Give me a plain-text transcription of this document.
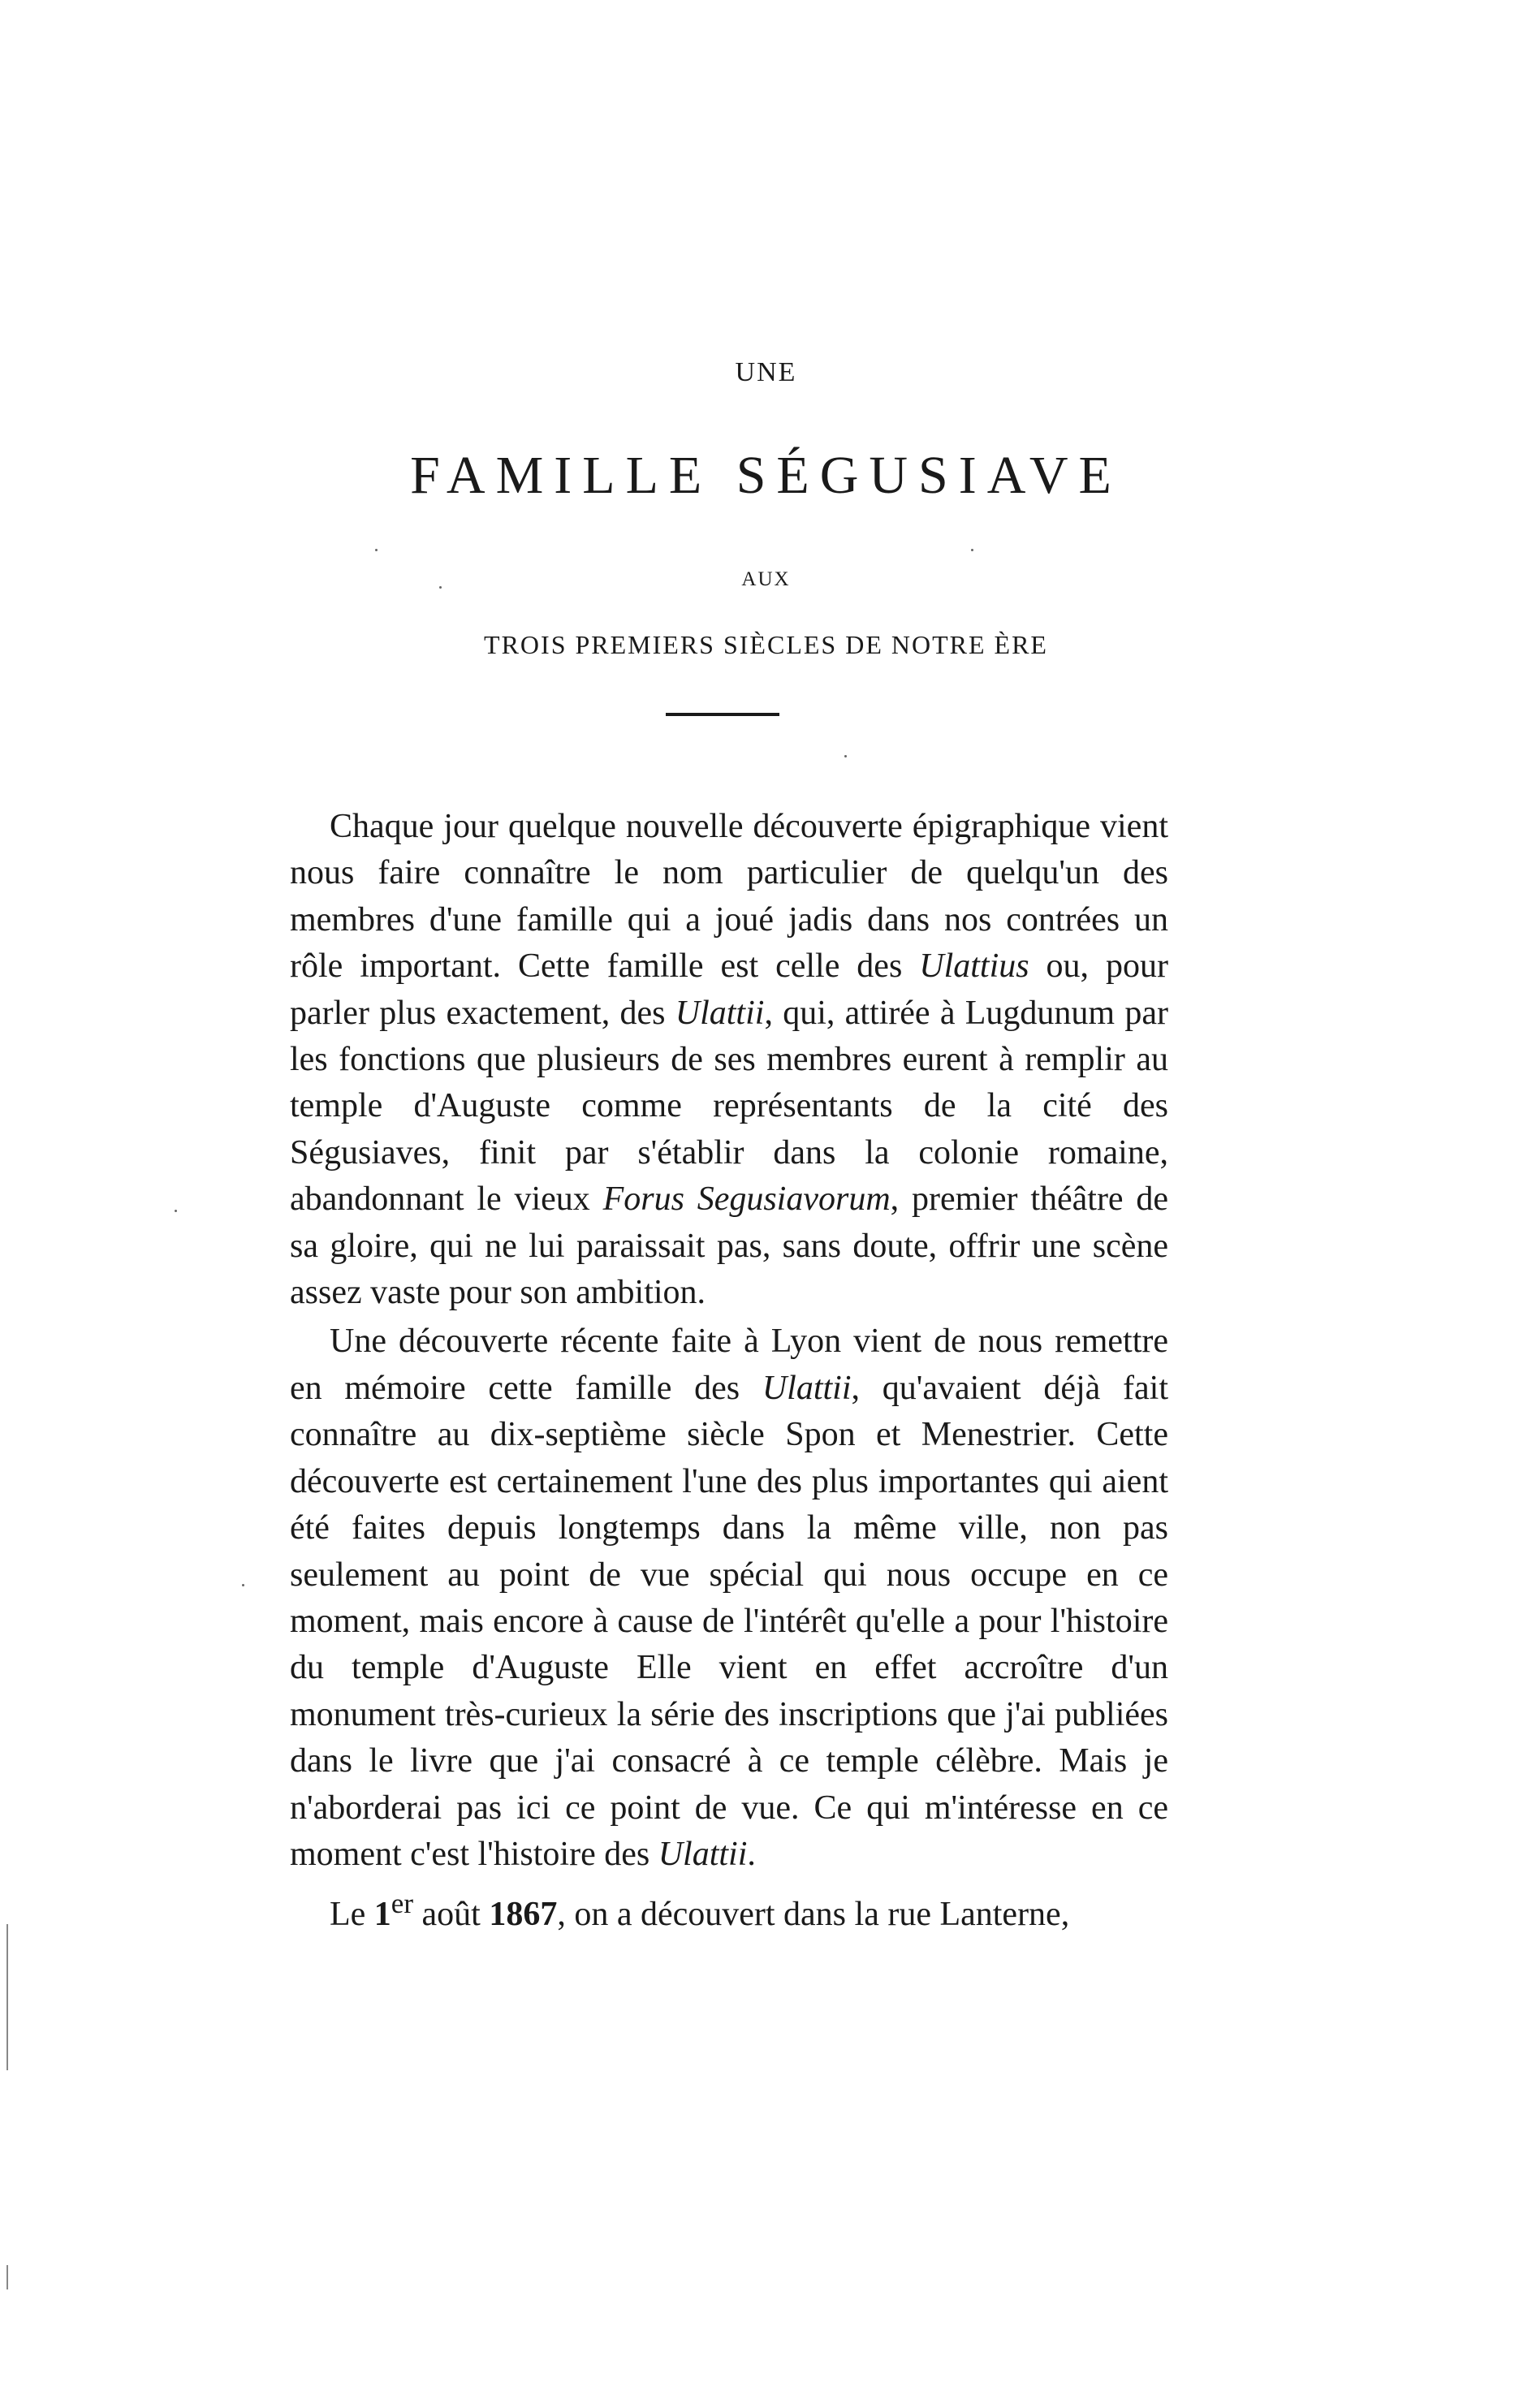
UNE
FAMILLE SÉGUSIAVE
AUX
TROIS PREMIERS SIÈCLES DE NOTRE ÈRE

Chaque jour quelque nouvelle découverte épigraphique vient nous faire connaître le nom particulier de quelqu'un des membres d'une famille qui a joué jadis dans nos contrées un rôle important. Cette famille est celle des Ulattius ou, pour parler plus exactement, des Ulattii, qui, attirée à Lugdunum par les fonctions que plusieurs de ses membres eurent à remplir au temple d'Auguste comme représentants de la cité des Ségusiaves, finit par s'établir dans la colonie romaine, abandonnant le vieux Forus Segusiavorum, premier théâtre de sa gloire, qui ne lui paraissait pas, sans doute, offrir une scène assez vaste pour son ambition.

Une découverte récente faite à Lyon vient de nous remettre en mémoire cette famille des Ulattii, qu'avaient déjà fait connaître au dix-septième siècle Spon et Menestrier. Cette découverte est certainement l'une des plus importantes qui aient été faites depuis longtemps dans la même ville, non pas seulement au point de vue spécial qui nous occupe en ce moment, mais encore à cause de l'intérêt qu'elle a pour l'histoire du temple d'Auguste Elle vient en effet accroître d'un monument très-curieux la série des inscriptions que j'ai publiées dans le livre que j'ai consacré à ce temple célèbre. Mais je n'aborderai pas ici ce point de vue. Ce qui m'intéresse en ce moment c'est l'histoire des Ulattii.

Le 1er août 1867, on a découvert dans la rue Lanterne,
